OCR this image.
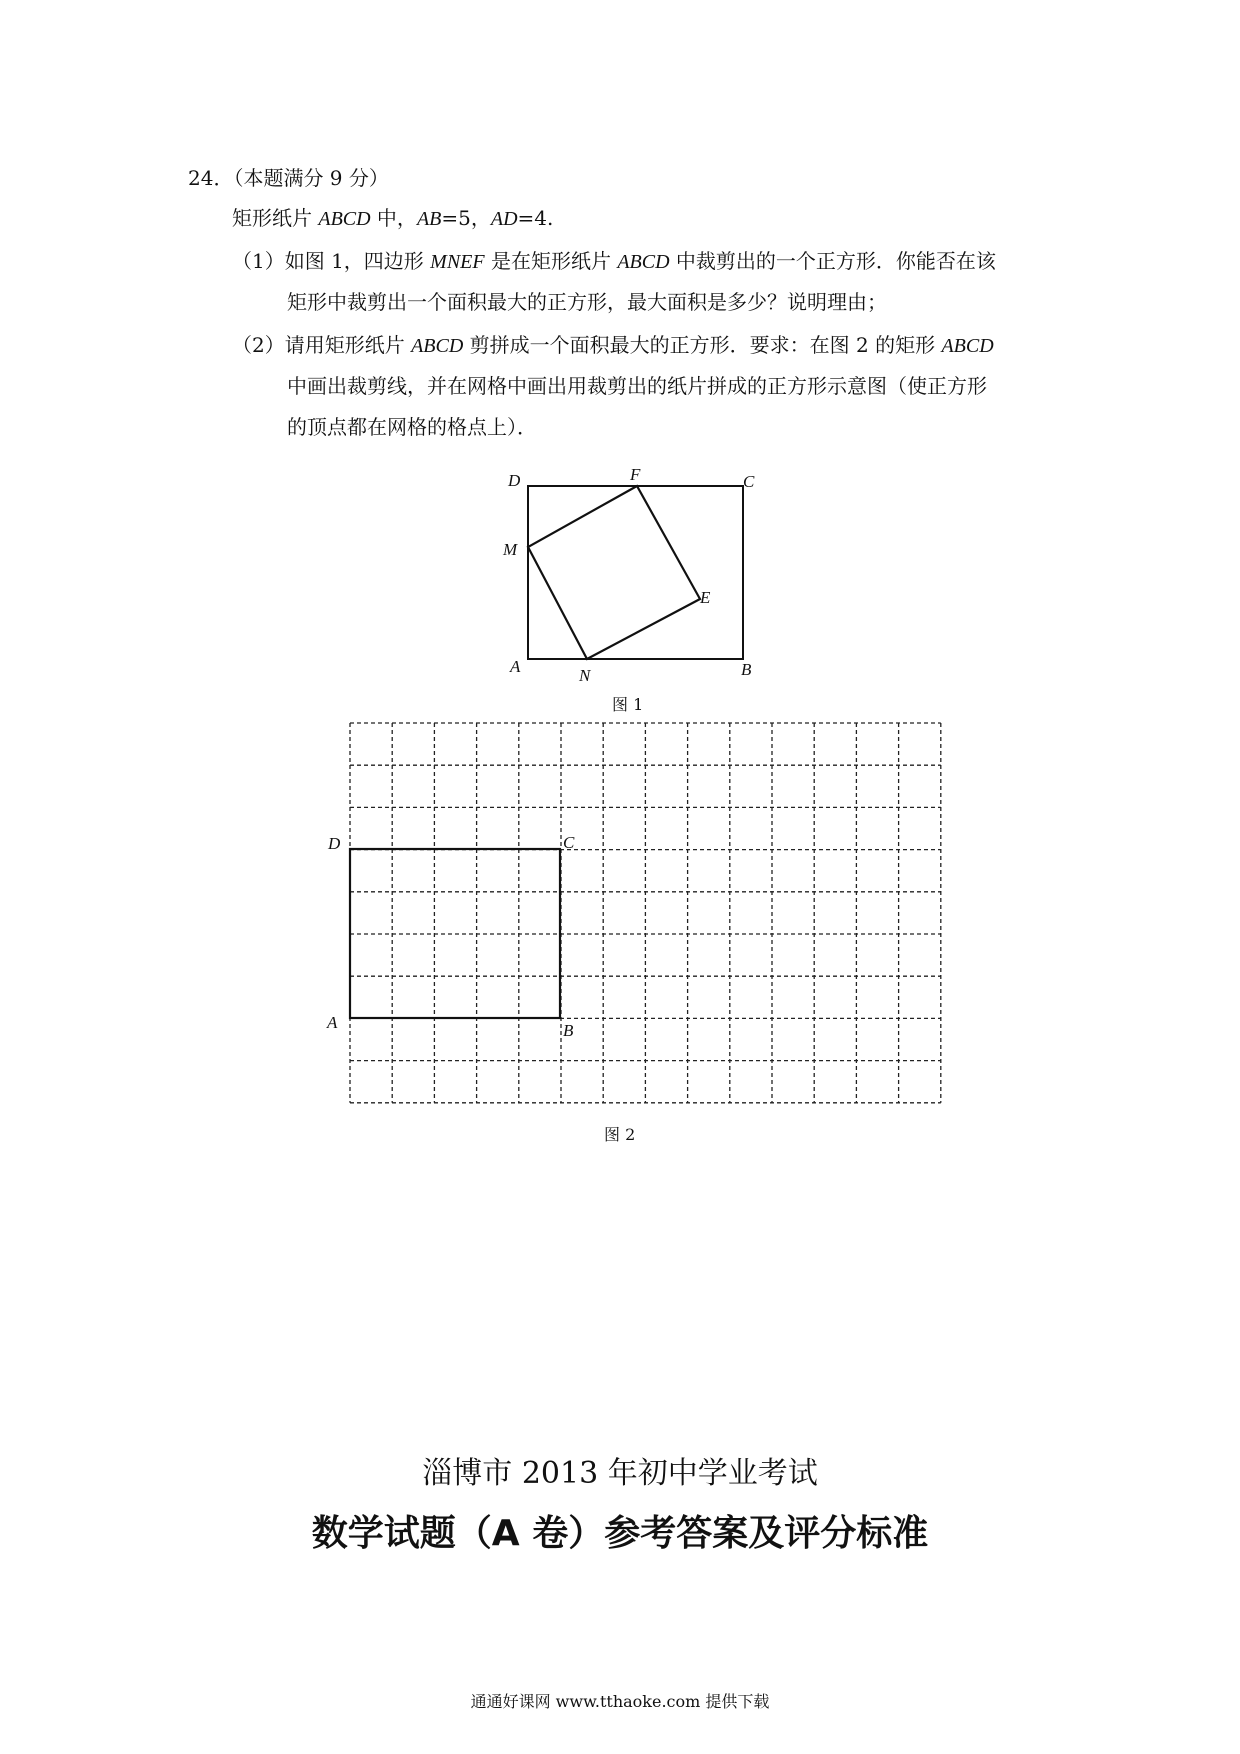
24．（本题满分 9 分）
矩形纸片 ABCD 中，AB=5，AD=4.
（1）如图 1，四边形 MNEF 是在矩形纸片 ABCD 中裁剪出的一个正方形．你能否在该
矩形中裁剪出一个面积最大的正方形，最大面积是多少？说明理由；
（2）请用矩形纸片 ABCD 剪拼成一个面积最大的正方形．要求：在图 2 的矩形 ABCD
中画出裁剪线，并在网格中画出用裁剪出的纸片拼成的正方形示意图（使正方形
的顶点都在网格的格点上）．
D	F	C
M
E
A	N	B
图 1
D	C
A	B
图 2
淄博市 2013 年初中学业考试
数学试题（A 卷）参考答案及评分标准
通通好课网 www.tthaoke.com 提供下载
